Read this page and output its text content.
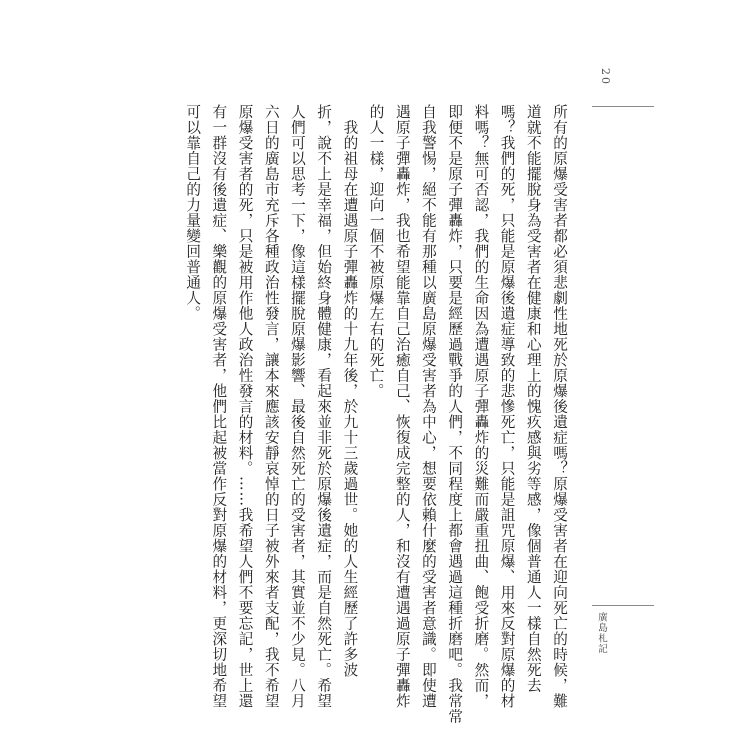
20
廣島札記

所有的原爆受害者都必須悲劇性地死於原爆後遺症嗎？原爆受害者在迎向死亡的時候，難

道就不能擺脫身為受害者在健康和心理上的愧疚感與劣等感，像個普通人一樣自然死去

嗎？我們的死，只能是原爆後遺症導致的悲慘死亡，只能是詛咒原爆、用來反對原爆的材

料嗎？無可否認，我們的生命因為遭遇原子彈轟炸的災難而嚴重扭曲、飽受折磨。然而，

即便不是原子彈轟炸，只要是經歷過戰爭的人們，不同程度上都會遇過這種折磨吧。我常常

自我警惕，絕不能有那種以廣島原爆受害者為中心，想要依賴什麼的受害者意識。即使遭

遇原子彈轟炸，我也希望能靠自己治癒自己、恢復成完整的人，和沒有遭遇過原子彈轟炸

的人一樣，迎向一個不被原爆左右的死亡。

　我的祖母在遭遇原子彈轟炸的十九年後，於九十三歲過世。她的人生經歷了許多波

折，說不上是幸福，但始終身體健康，看起來並非死於原爆後遺症，而是自然死亡。希望

人們可以思考一下，像這樣擺脫原爆影響、最後自然死亡的受害者，其實並不少見。八月

六日的廣島市充斥各種政治性發言，讓本來應該安靜哀悼的日子被外來者支配，我不希望

原爆受害者的死，只是被用作他人政治性發言的材料。……我希望人們不要忘記，世上還

有一群沒有後遺症、樂觀的原爆受害者，他們比起被當作反對原爆的材料，更深切地希望

可以靠自己的力量變回普通人。
